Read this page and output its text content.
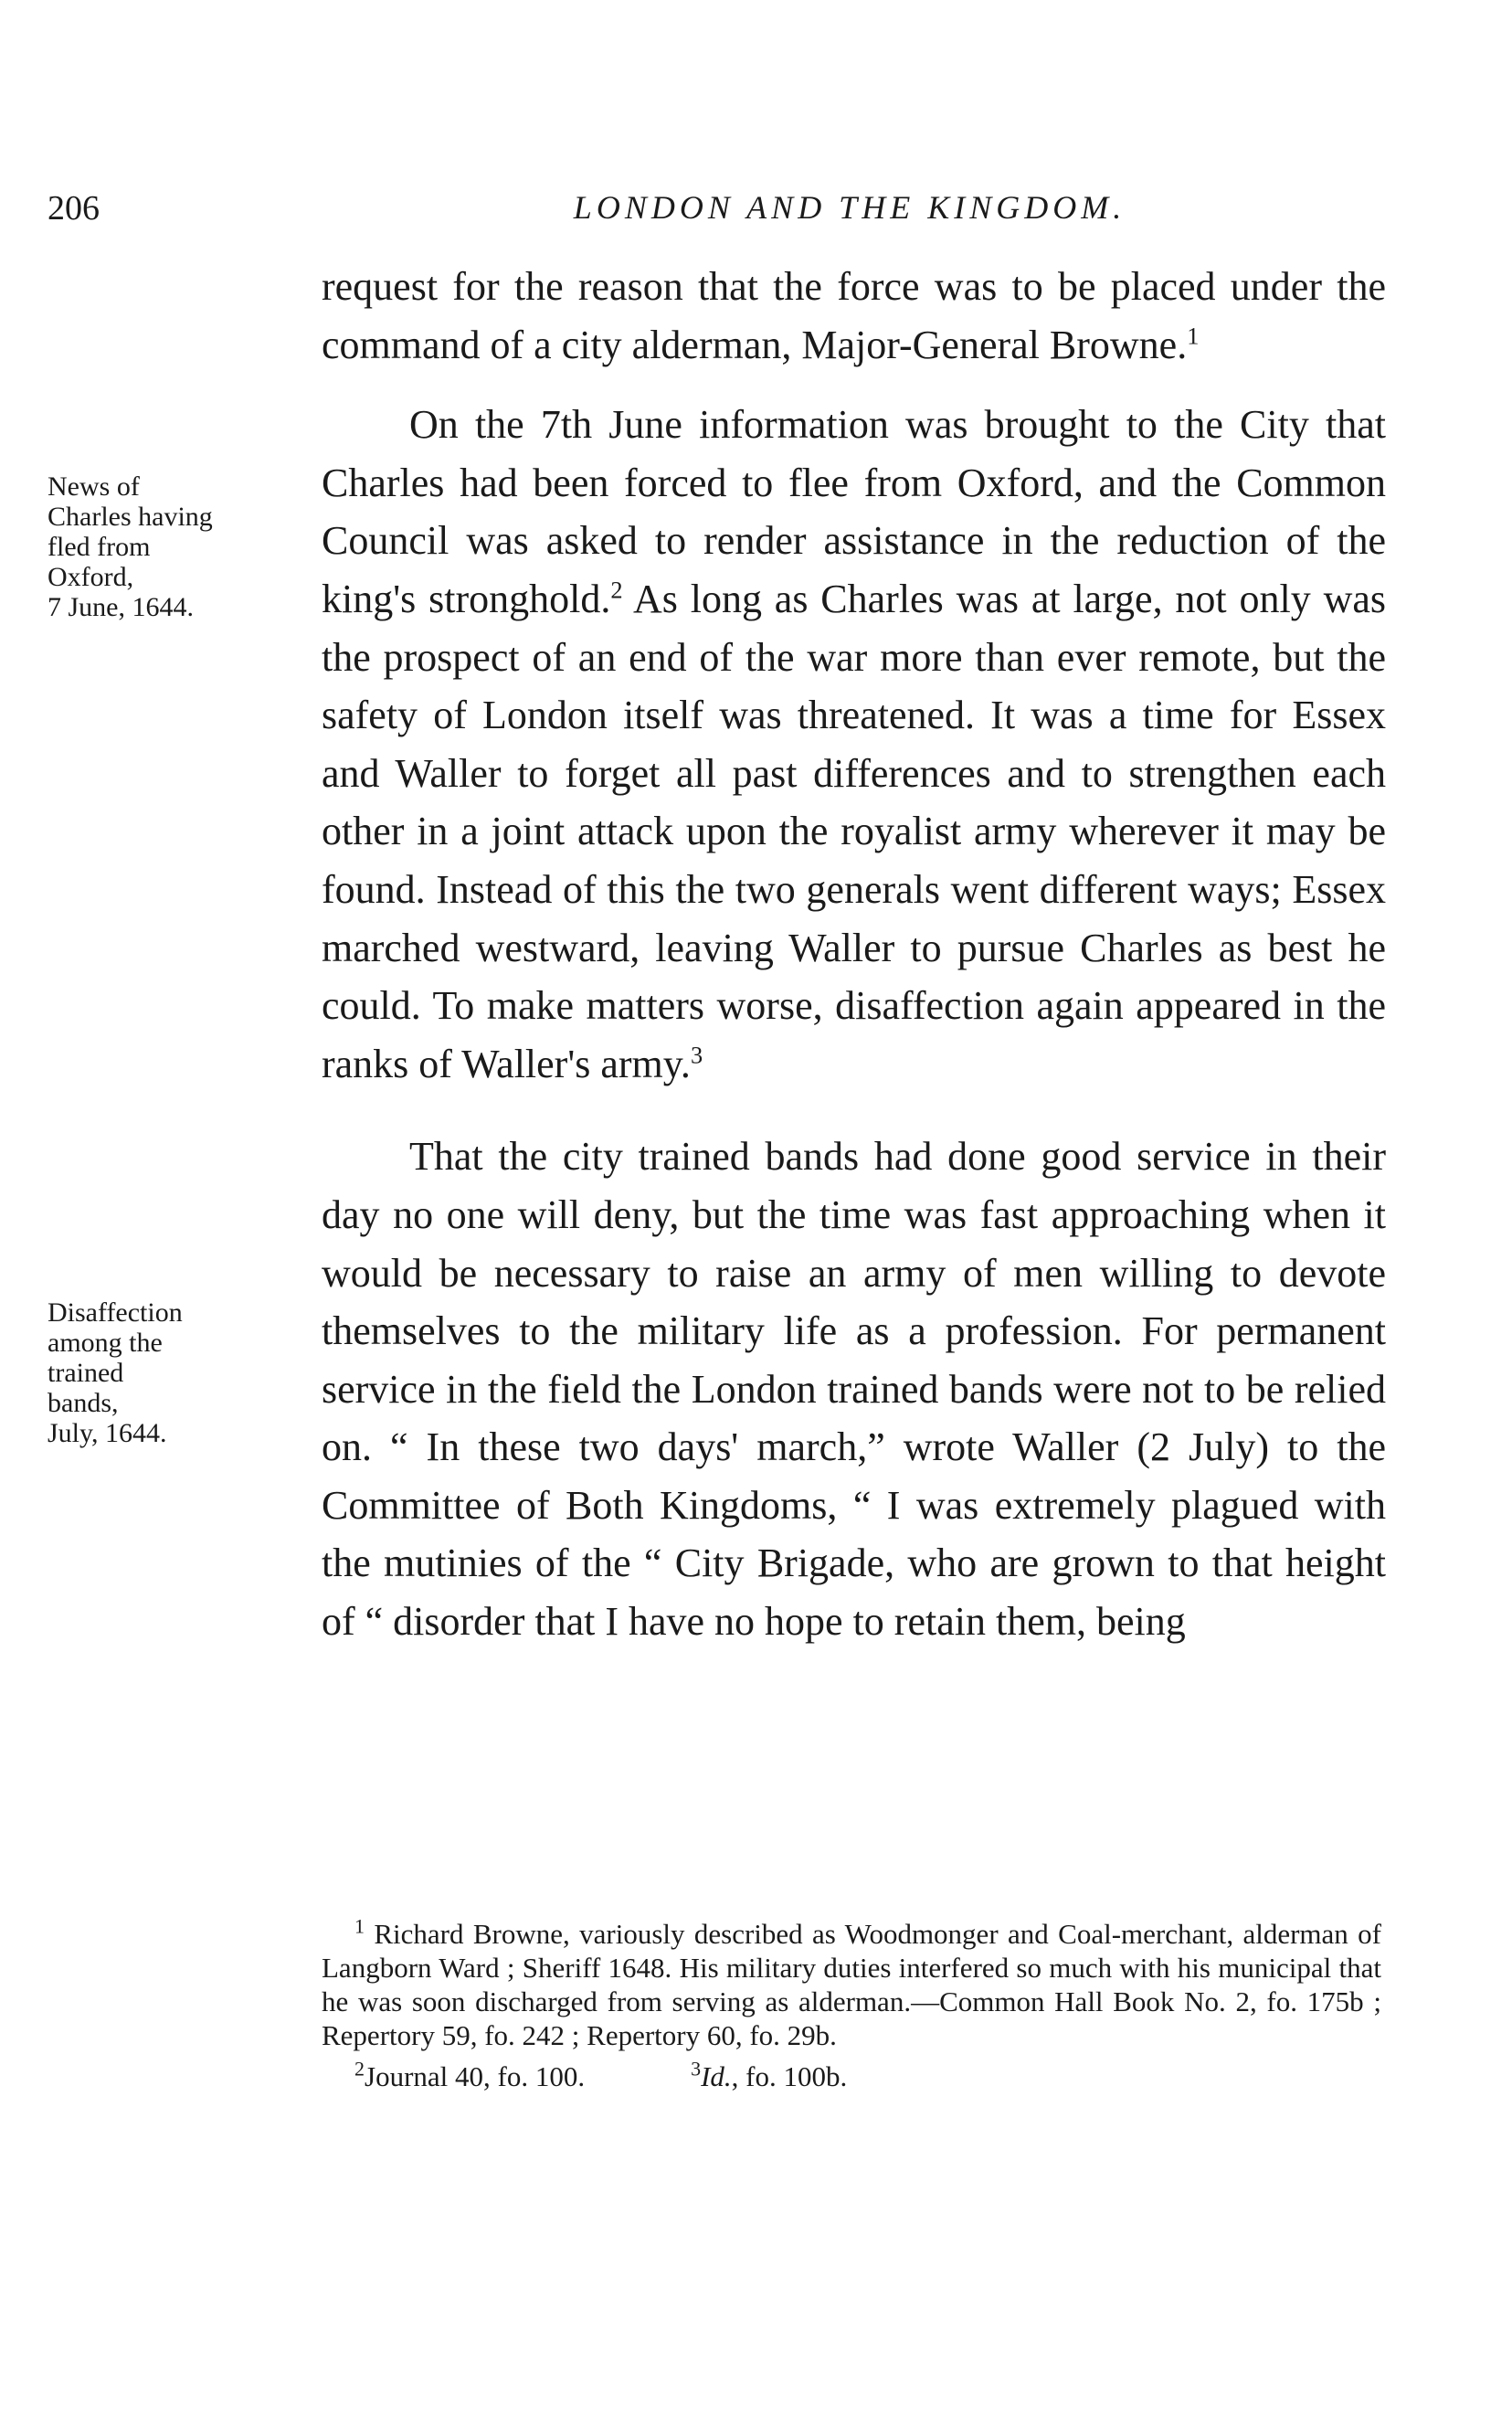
206	LONDON AND THE KINGDOM.
News of
Charles having
fled from
Oxford,
7 June, 1644.
Disaffection
among the
trained
bands,
July, 1644.

request for the reason that the force was to be placed under the command of a city alderman, Major-General Browne.$^1$

On the 7th June information was brought to the City that Charles had been forced to flee from Oxford, and the Common Council was asked to render assistance in the reduction of the king's stronghold.$^2$ As long as Charles was at large, not only was the prospect of an end of the war more than ever remote, but the safety of London itself was threatened. It was a time for Essex and Waller to forget all past differences and to strengthen each other in a joint attack upon the royalist army wherever it may be found. Instead of this the two generals went different ways; Essex marched westward, leaving Waller to pursue Charles as best he could. To make matters worse, disaffection again appeared in the ranks of Waller's army.$^3$

That the city trained bands had done good service in their day no one will deny, but the time was fast approaching when it would be necessary to raise an army of men willing to devote themselves to the military life as a profession. For permanent service in the field the London trained bands were not to be relied on. “ In these two days' march,” wrote Waller (2 July) to the Committee of Both Kingdoms, “ I was extremely plagued with the mutinies of the “ City Brigade, who are grown to that height of “ disorder that I have no hope to retain them, being

$^1$ Richard Browne, variously described as Woodmonger and Coal-merchant, alderman of Langborn Ward ; Sheriff 1648. His military duties interfered so much with his municipal that he was soon discharged from serving as alderman.—Common Hall Book No. 2, fo. 175b ; Repertory 59, fo. 242 ; Repertory 60, fo. 29b.

$^2$Journal 40, fo. 100.	$^3$Id., fo. 100b.
